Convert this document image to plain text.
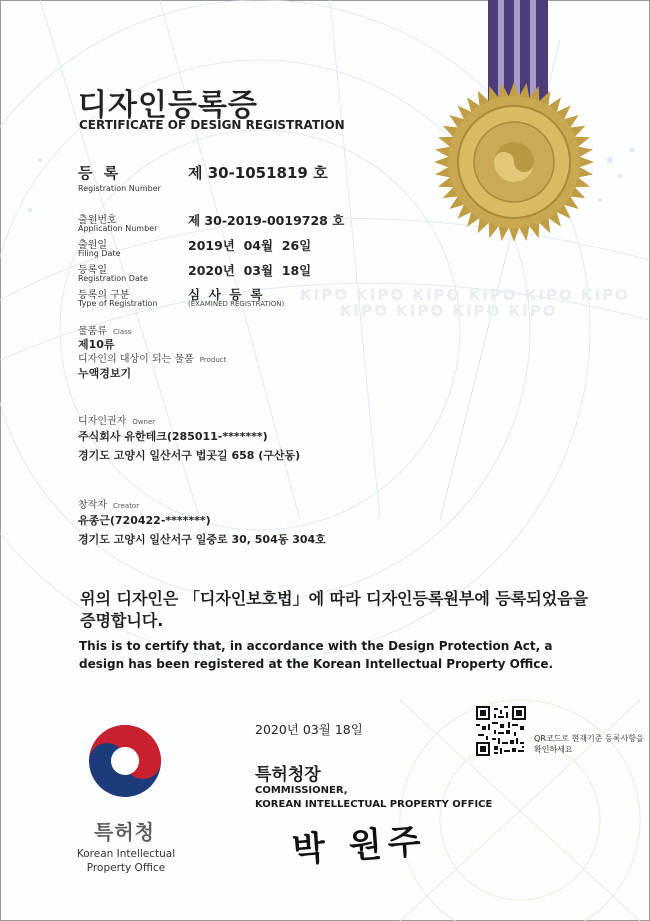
KIPO KIPO KIPO KIPO KIPO KIPO
KIPO KIPO KIPO KIPO
디자인등록증
CERTIFICATE OF DESIGN REGISTRATION
등 록
Registration Number
제 30-1051819 호
출원번호
Application Number
제 30-2019-0019728 호
출원일
Filing Date
2019년  04월  26일
등록일
Registration Date
2020년  03월  18일
등록의 구분
Type of Registration
심  사  등  록
(EXAMINED REGISTRATION)
물품류 Class
제10류
디자인의 대상이 되는 물품 Product
누액경보기
디자인권자 Owner
주식회사 유한테크(285011-*******)
경기도 고양시 일산서구 법곳길 658 (구산동)
창작자 Creator
유종근(720422-*******)
경기도 고양시 일산서구 일중로 30, 504동 304호
위의 디자인은 「디자인보호법」에 따라 디자인등록원부에 등록되었음을 증명합니다.
This is to certify that, in accordance with the Design Protection Act, a design has been registered at the Korean Intellectual Property Office.
2020년 03월 18일
QR코드로 현재기준 등록사항을 확인하세요
특허청장
COMMISSIONER,
KOREAN INTELLECTUAL PROPERTY OFFICE
박 원주
특허청
Korean Intellectual Property Office
